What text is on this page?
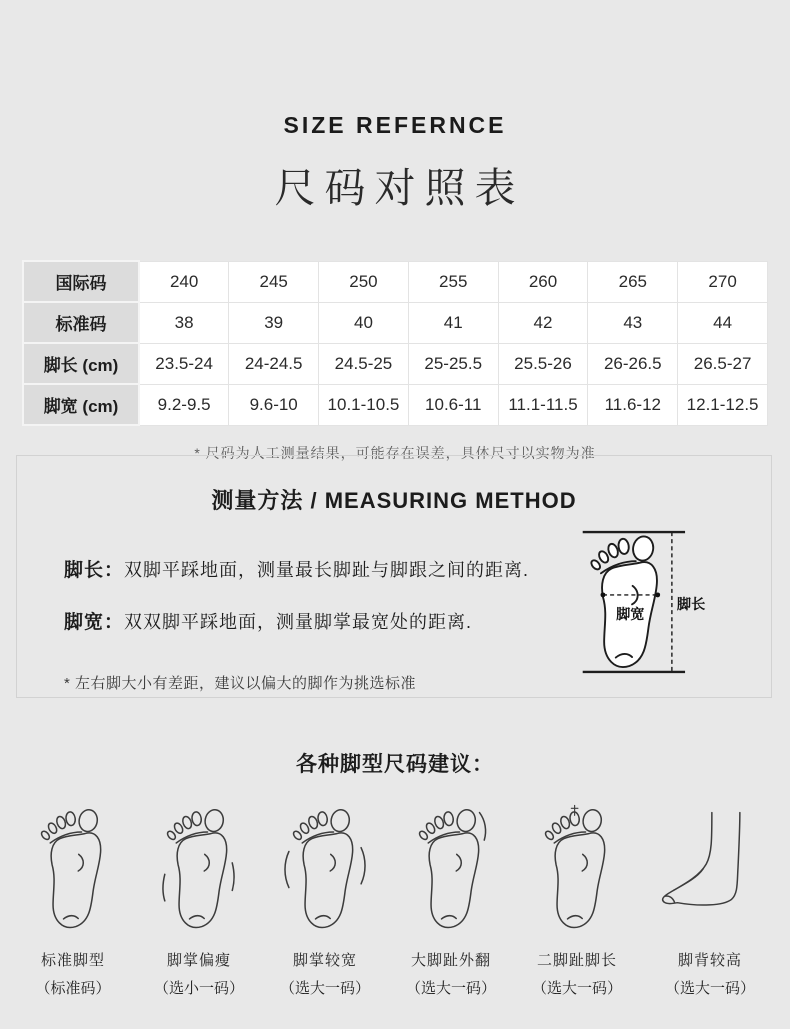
SIZE REFERNCE
尺码对照表
国际码	240	245	250	255	260	265	270
标准码	38	39	40	41	42	43	44
脚长 (cm)	23.5-24	24-24.5	24.5-25	25-25.5	25.5-26	26-26.5	26.5-27
脚宽 (cm)	9.2-9.5	9.6-10	10.1-10.5	10.6-11	11.1-11.5	11.6-12	12.1-12.5
* 尺码为人工测量结果，可能存在误差，具体尺寸以实物为准
测量方法 / MEASURING METHOD
脚长：双脚平踩地面，测量最长脚趾与脚跟之间的距离.
脚宽：双双脚平踩地面，测量脚掌最宽处的距离.
* 左右脚大小有差距，建议以偏大的脚作为挑选标准
脚宽
脚长
各种脚型尺码建议：
标准脚型
（标准码）
脚掌偏瘦
（选小一码）
脚掌较宽
（选大一码）
大脚趾外翻
（选大一码）
二脚趾脚长
（选大一码）
脚背较高
（选大一码）
